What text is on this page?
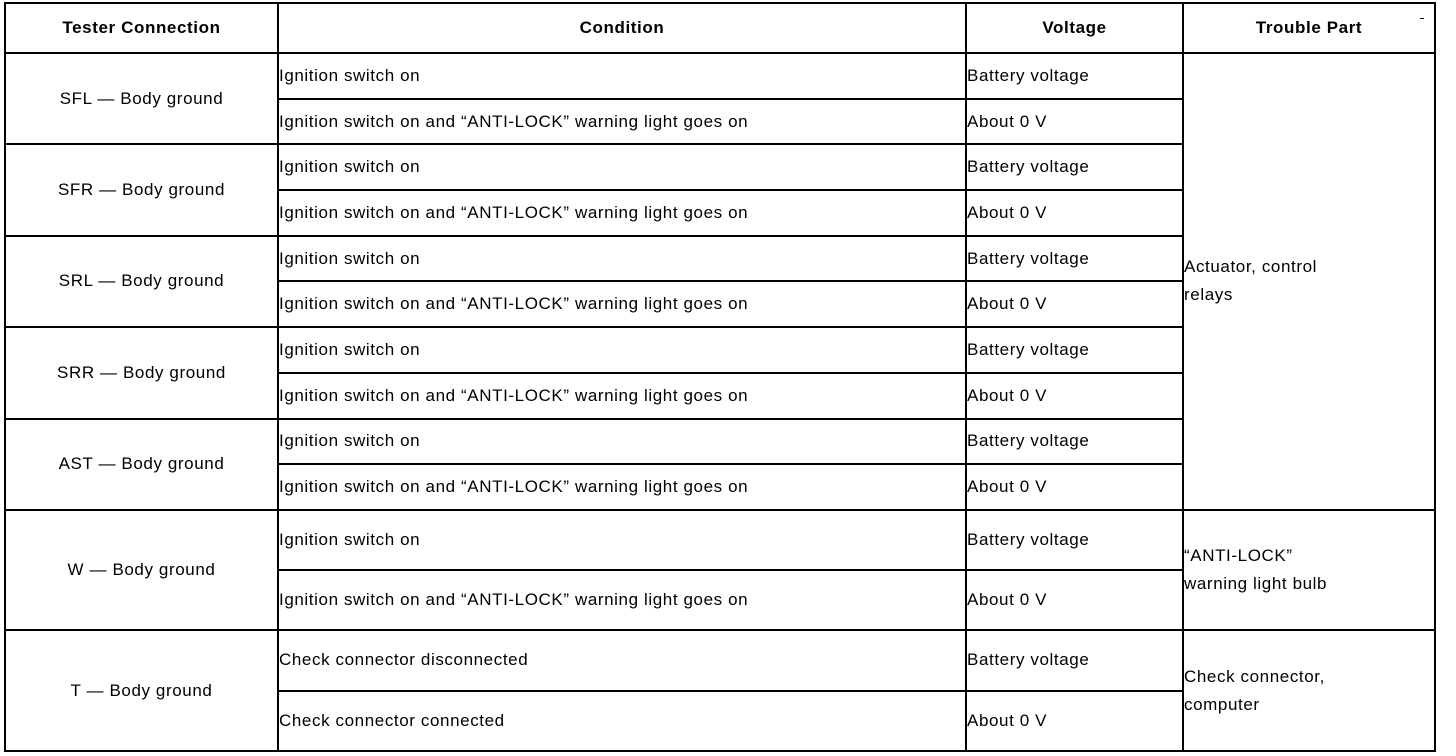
Tester Connection	Condition	Voltage	Trouble Part
SFL — Body ground	Ignition switch on	Battery voltage	Actuator, control
relays
	Ignition switch on and “ANTI-LOCK” warning light goes on	About 0 V	
SFR — Body ground	Ignition switch on	Battery voltage	
	Ignition switch on and “ANTI-LOCK” warning light goes on	About 0 V	
SRL — Body ground	Ignition switch on	Battery voltage	
	Ignition switch on and “ANTI-LOCK” warning light goes on	About 0 V	
SRR — Body ground	Ignition switch on	Battery voltage	
	Ignition switch on and “ANTI-LOCK” warning light goes on	About 0 V	
AST — Body ground	Ignition switch on	Battery voltage	
	Ignition switch on and “ANTI-LOCK” warning light goes on	About 0 V	
W — Body ground	Ignition switch on	Battery voltage	“ANTI-LOCK”
warning light bulb
	Ignition switch on and “ANTI-LOCK” warning light goes on	About 0 V	
T — Body ground	Check connector disconnected	Battery voltage	Check connector,
computer
	Check connector connected	About 0 V	
